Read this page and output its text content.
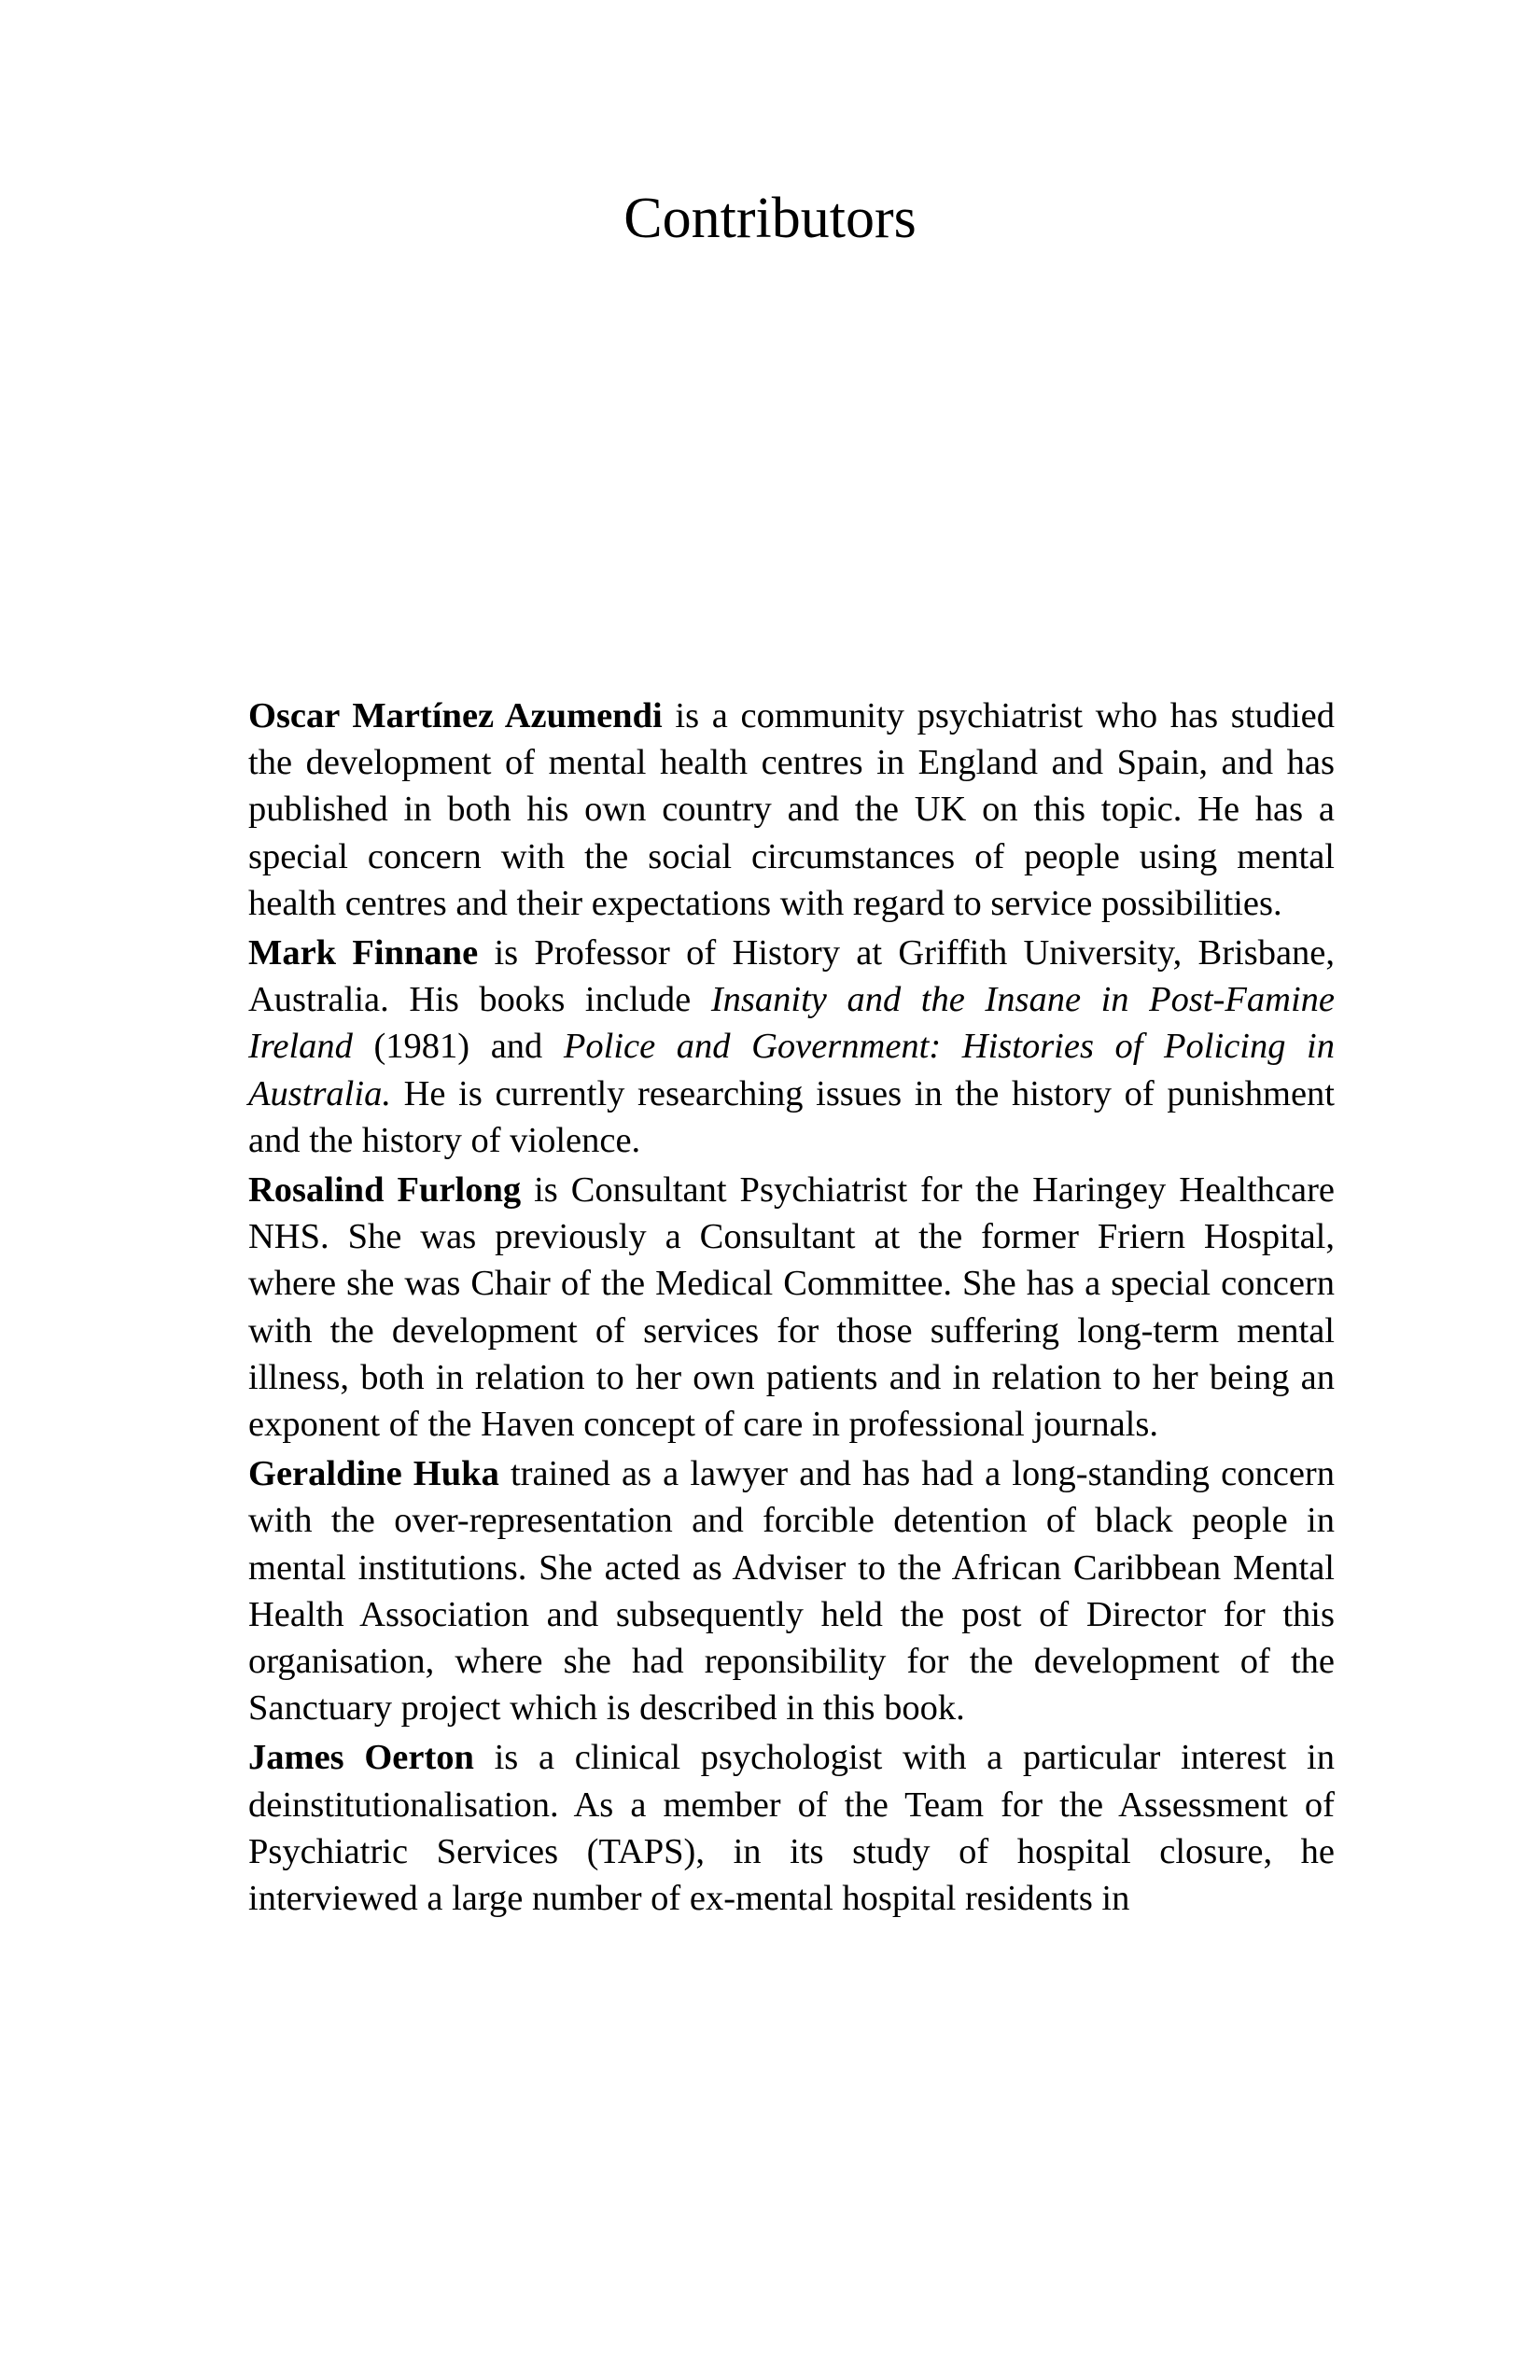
Contributors

Oscar Martínez Azumendi is a community psychiatrist who has studied the development of mental health centres in England and Spain, and has published in both his own country and the UK on this topic. He has a special concern with the social circumstances of people using mental health centres and their expectations with regard to service possibilities.

Mark Finnane is Professor of History at Griffith University, Brisbane, Australia. His books include Insanity and the Insane in Post-Famine Ireland (1981) and Police and Government: Histories of Policing in Australia. He is currently researching issues in the history of punishment and the history of violence.

Rosalind Furlong is Consultant Psychiatrist for the Haringey Healthcare NHS. She was previously a Consultant at the former Friern Hospital, where she was Chair of the Medical Committee. She has a special concern with the development of services for those suffering long-term mental illness, both in relation to her own patients and in relation to her being an exponent of the Haven concept of care in professional journals.

Geraldine Huka trained as a lawyer and has had a long-standing concern with the over-representation and forcible detention of black people in mental institutions. She acted as Adviser to the African Caribbean Mental Health Association and subsequently held the post of Director for this organisation, where she had reponsibility for the development of the Sanctuary project which is described in this book.

James Oerton is a clinical psychologist with a particular interest in deinstitutionalisation. As a member of the Team for the Assessment of Psychiatric Services (TAPS), in its study of hospital closure, he interviewed a large number of ex-mental hospital residents in
